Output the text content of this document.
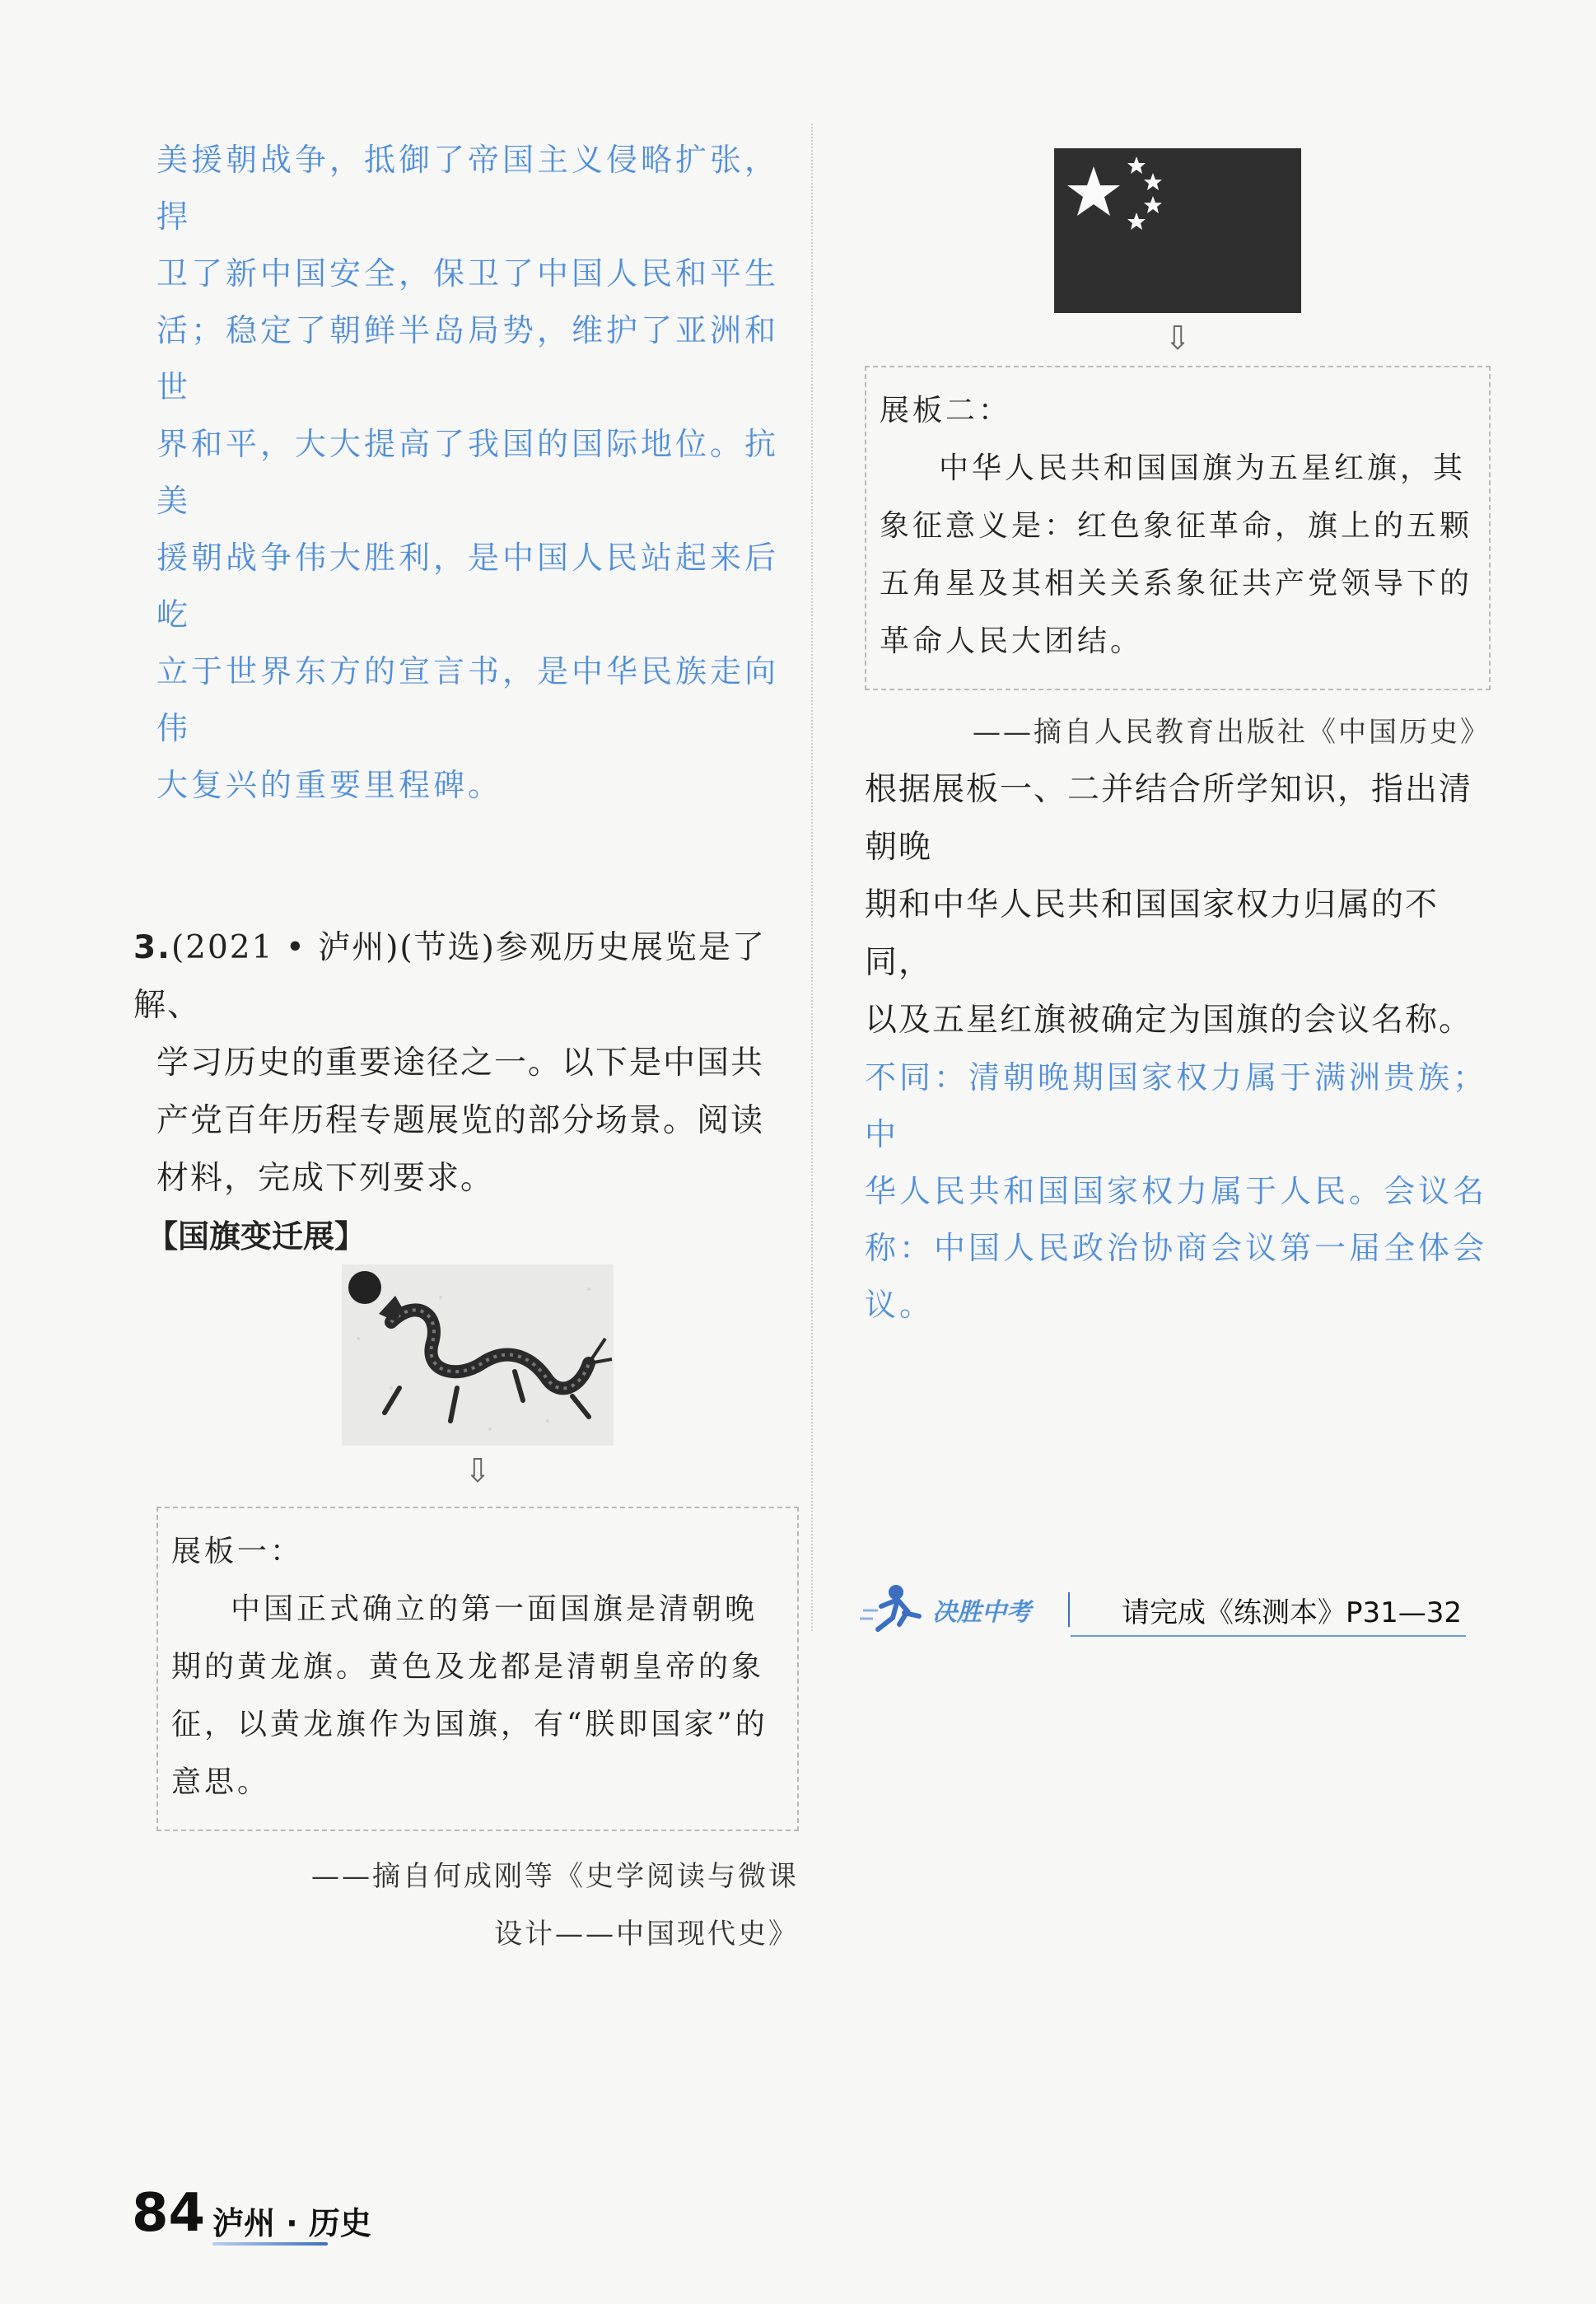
美援朝战争，抵御了帝国主义侵略扩张，捍

卫了新中国安全，保卫了中国人民和平生

活；稳定了朝鲜半岛局势，维护了亚洲和世

界和平，大大提高了我国的国际地位。抗美

援朝战争伟大胜利，是中国人民站起来后屹

立于世界东方的宣言书，是中华民族走向伟

大复兴的重要里程碑。

3.(2021 • 泸州)(节选)参观历史展览是了解、

学习历史的重要途径之一。以下是中国共

产党百年历程专题展览的部分场景。阅读

材料，完成下列要求。

【国旗变迁展】
⇩

展板一：

中国正式确立的第一面国旗是清朝晚期的黄龙旗。黄色及龙都是清朝皇帝的象征，以黄龙旗作为国旗，有“朕即国家”的意思。

——摘自何成刚等《史学阅读与微课
设计——中国现代史》
⇩

展板二：

中华人民共和国国旗为五星红旗，其象征意义是：红色象征革命，旗上的五颗五角星及其相关关系象征共产党领导下的革命人民大团结。

——摘自人民教育出版社《中国历史》

根据展板一、二并结合所学知识，指出清朝晚

期和中华人民共和国国家权力归属的不同，

以及五星红旗被确定为国旗的会议名称。

不同：清朝晚期国家权力属于满洲贵族；中

华人民共和国国家权力属于人民。会议名

称：中国人民政治协商会议第一届全体会议。

决胜中考	请完成《练测本》P31—32
84 泸州 · 历史
